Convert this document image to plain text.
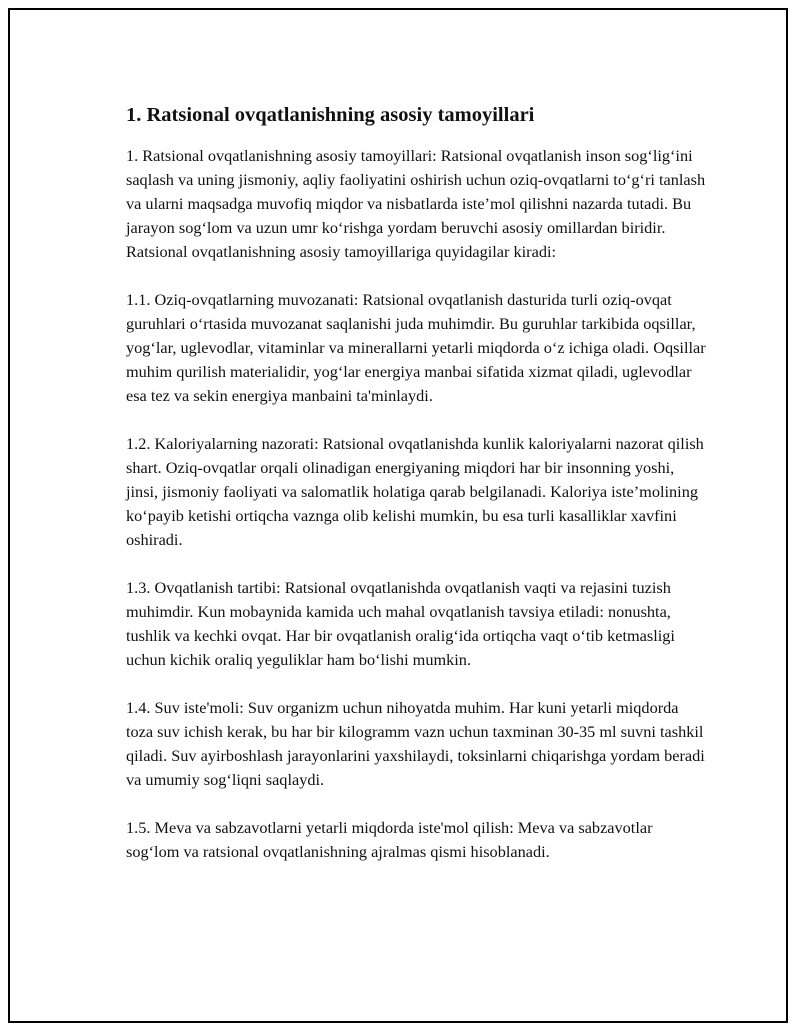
1. Ratsional ovqatlanishning asosiy tamoyillari

1. Ratsional ovqatlanishning asosiy tamoyillari: Ratsional ovqatlanish inson sog‘lig‘ini saqlash va uning jismoniy, aqliy faoliyatini oshirish uchun oziq-ovqatlarni to‘g‘ri tanlash va ularni maqsadga muvofiq miqdor va nisbatlarda iste’mol qilishni nazarda tutadi. Bu jarayon sog‘lom va uzun umr ko‘rishga yordam beruvchi asosiy omillardan biridir. Ratsional ovqatlanishning asosiy tamoyillariga quyidagilar kiradi:

1.1. Oziq-ovqatlarning muvozanati: Ratsional ovqatlanish dasturida turli oziq-ovqat guruhlari o‘rtasida muvozanat saqlanishi juda muhimdir. Bu guruhlar tarkibida oqsillar, yog‘lar, uglevodlar, vitaminlar va minerallarni yetarli miqdorda o‘z ichiga oladi. Oqsillar muhim qurilish materialidir, yog‘lar energiya manbai sifatida xizmat qiladi, uglevodlar esa tez va sekin energiya manbaini ta'minlaydi.

1.2. Kaloriyalarning nazorati: Ratsional ovqatlanishda kunlik kaloriyalarni nazorat qilish shart. Oziq-ovqatlar orqali olinadigan energiyaning miqdori har bir insonning yoshi, jinsi, jismoniy faoliyati va salomatlik holatiga qarab belgilanadi. Kaloriya iste’molining ko‘payib ketishi ortiqcha vaznga olib kelishi mumkin, bu esa turli kasalliklar xavfini oshiradi.

1.3. Ovqatlanish tartibi: Ratsional ovqatlanishda ovqatlanish vaqti va rejasini tuzish muhimdir. Kun mobaynida kamida uch mahal ovqatlanish tavsiya etiladi: nonushta, tushlik va kechki ovqat. Har bir ovqatlanish oralig‘ida ortiqcha vaqt o‘tib ketmasligi uchun kichik oraliq yeguliklar ham bo‘lishi mumkin.

1.4. Suv iste'moli: Suv organizm uchun nihoyatda muhim. Har kuni yetarli miqdorda toza suv ichish kerak, bu har bir kilogramm vazn uchun taxminan 30-35 ml suvni tashkil qiladi. Suv ayirboshlash jarayonlarini yaxshilaydi, toksinlarni chiqarishga yordam beradi va umumiy sog‘liqni saqlaydi.

1.5. Meva va sabzavotlarni yetarli miqdorda iste'mol qilish: Meva va sabzavotlar sog‘lom va ratsional ovqatlanishning ajralmas qismi hisoblanadi.
